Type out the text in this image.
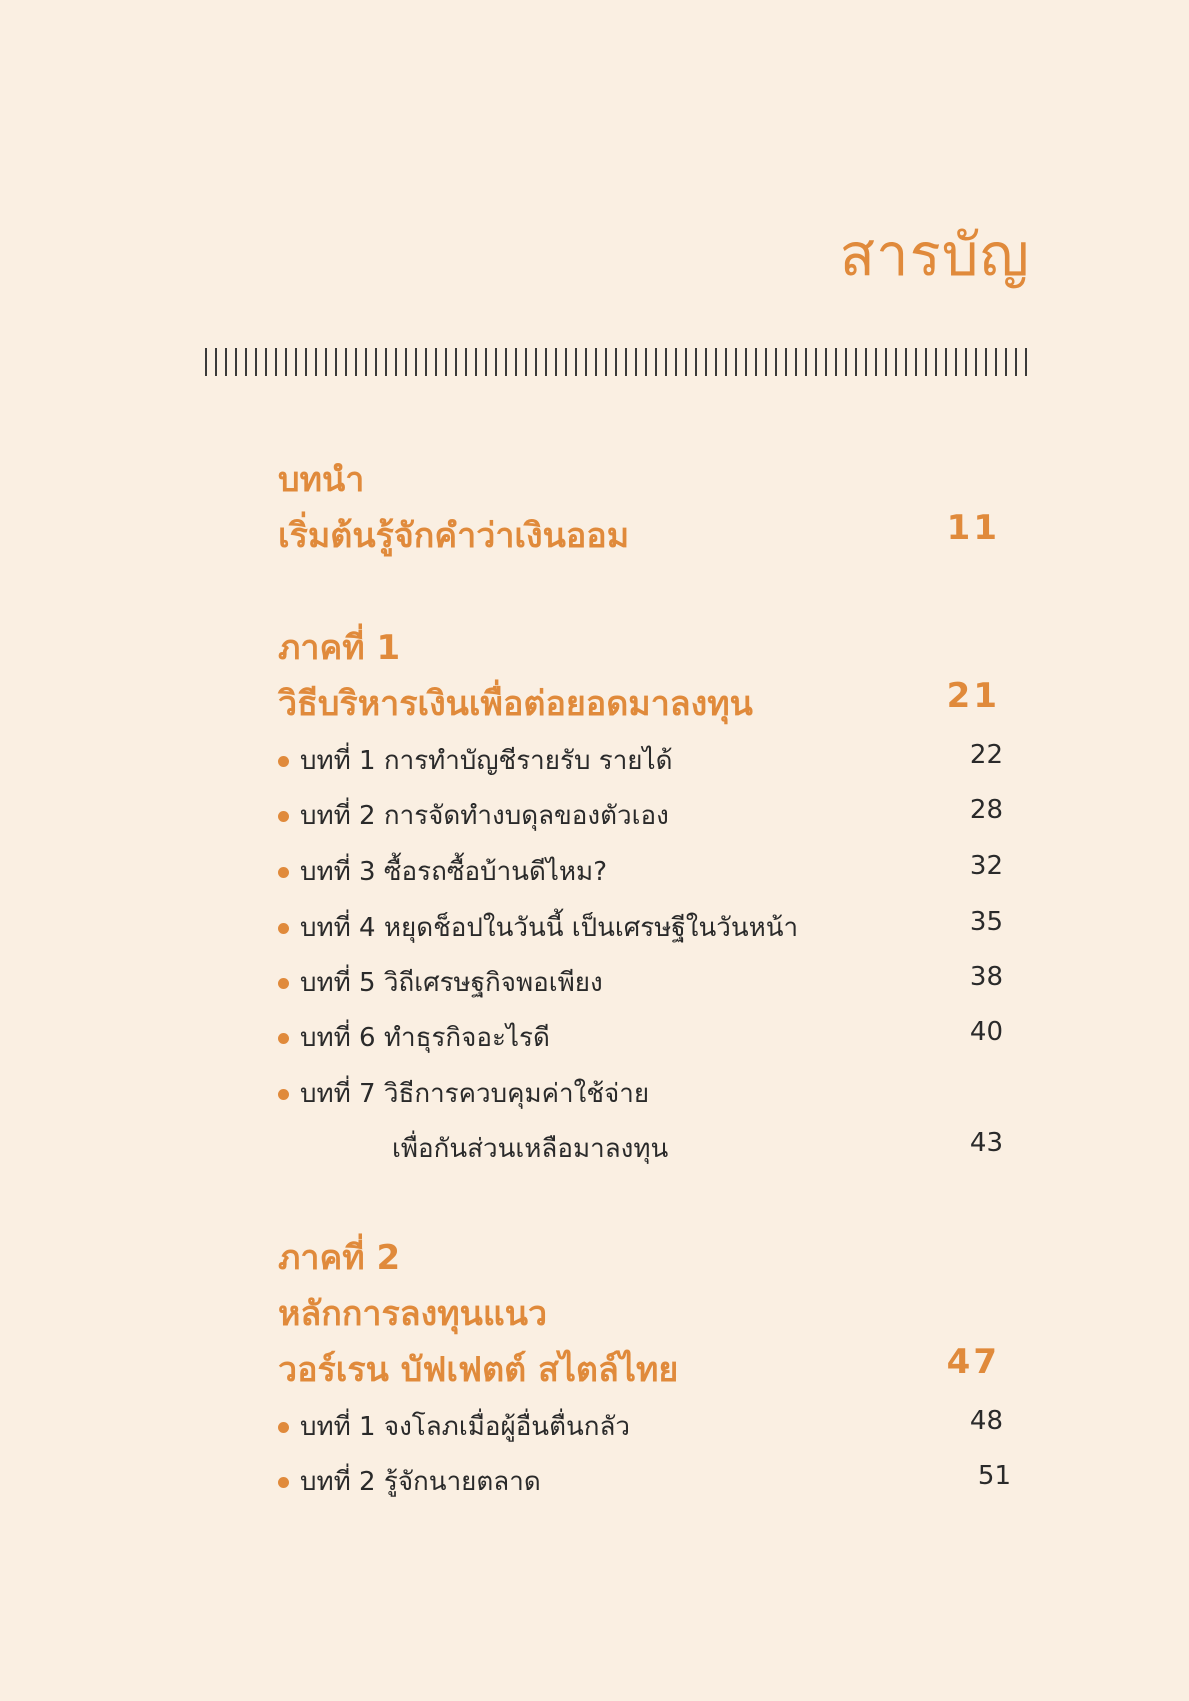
สารบัญ

บทนำ

เริ่มต้นรู้จักคำว่าเงินออม	11

ภาคที่ 1

วิธีบริหารเงินเพื่อต่อยอดมาลงทุน	21
บทที่ 1 การทำบัญชีรายรับ รายได้	22
บทที่ 2 การจัดทำงบดุลของตัวเอง	28
บทที่ 3 ซื้อรถซื้อบ้านดีไหม?	32
บทที่ 4 หยุดช็อปในวันนี้ เป็นเศรษฐีในวันหน้า	35
บทที่ 5 วิถีเศรษฐกิจพอเพียง	38
บทที่ 6 ทำธุรกิจอะไรดี	40
บทที่ 7 วิธีการควบคุมค่าใช้จ่าย
เพื่อกันส่วนเหลือมาลงทุน	43

ภาคที่ 2

หลักการลงทุนแนว

วอร์เรน บัฟเฟตต์ สไตล์ไทย	47
บทที่ 1 จงโลภเมื่อผู้อื่นตื่นกลัว	48
บทที่ 2 รู้จักนายตลาด	51
